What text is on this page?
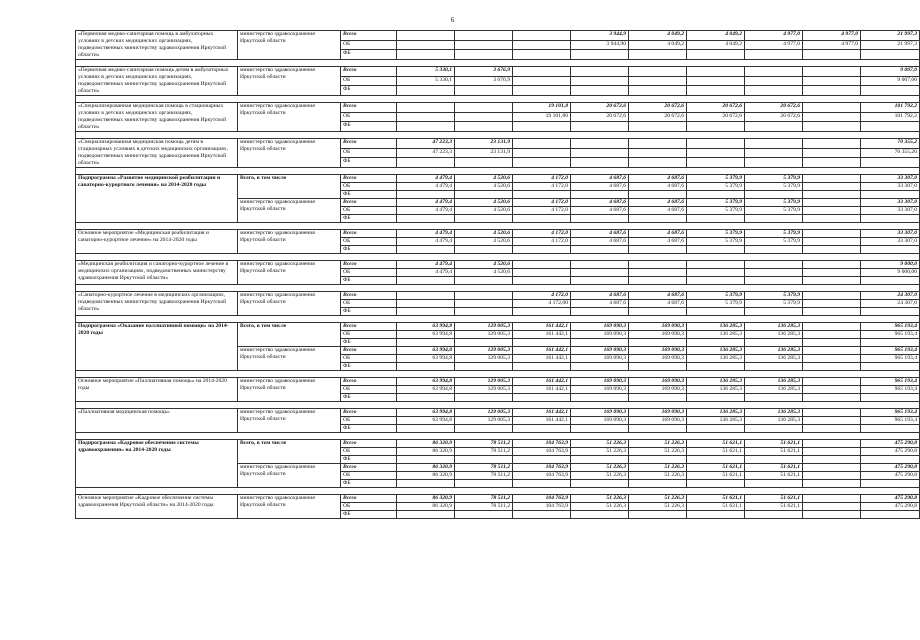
6
«Первичная медико-санитарная помощь в амбулаторных условиях в детских медицинских организациях, подведомственных министерству здравоохранения Иркутской области»	министерство здравоохранения Иркутской области	Всего				3 944,9	4 049,2	4 049,2	4 977,0	4 977,0	21 997,3
		ОБ				3 944,90	4 049,2	4 049,2	4 977,0	4 977,0	21 997,3
		ФБ									

«Первичная медико-санитарная помощь детям в амбулаторных условиях в детских медицинских организациях, подведомственных министерству здравоохранения Иркутской области»	министерство здравоохранения Иркутской области	Всего	5 330,1	3 676,9							9 007,0
		ОБ	5 330,1	3 676,9							9 007,00
		ФБ									

«Специализированная медицинская помощь в стационарных условиях в детских медицинских организациях, подведомственных министерству здравоохранения Иркутской области»	министерство здравоохранения Иркутской области	Всего			19 101,8	20 672,6	20 672,6	20 672,6	20 672,6		101 792,2
		ОБ			19 101,80	20 672,6	20 672,6	20 672,6	20 672,6		101 792,2
		ФБ									

«Специализированная медицинская помощь детям в стационарных условиях в детских медицинских организациях, подведомственных министерству здравоохранения Иркутской области»	министерство здравоохранения Иркутской области	Всего	47 223,3	23 131,9							70 355,2
		ОБ	47 223,3	23 131,9							70 355,20
		ФБ									

Подпрограмма «Развитие медицинской реабилитации и санаторно-курортного лечения» на 2014-2020 годы	Всего, в том числе	Всего	4 479,4	4 520,6	4 172,0	4 687,6	4 687,6	5 379,9	5 379,9		33 307,0
		ОБ	4 479,4	4 520,6	4 172,0	4 687,6	4 687,6	5 379,9	5 379,9		33 307,0
		ФБ									
	министерство здравоохранения Иркутской области	Всего	4 479,4	4 520,6	4 172,0	4 687,6	4 687,6	5 379,9	5 379,9		33 307,0
		ОБ	4 479,4	4 520,6	4 172,0	4 687,6	4 687,6	5 379,9	5 379,9		33 307,0
		ФБ									

Основное мероприятие «Медицинская реабилитация и санаторно-курортное лечение» на 2014-2020 годы	министерство здравоохранения Иркутской области	Всего	4 479,4	4 520,6	4 172,0	4 687,6	4 687,6	5 379,9	5 379,9		33 307,0
		ОБ	4 479,4	4 520,6	4 172,0	4 687,6	4 687,6	5 379,9	5 379,9		33 307,0
		ФБ									

«Медицинская реабилитация и санаторно-курортное лечение в медицинских организациях, подведомственных министерству здравоохранения Иркутской области»	министерство здравоохранения Иркутской области	Всего	4 479,4	4 520,6							9 000,0
		ОБ	4 479,4	4 520,6							9 000,00
		ФБ									

«Санаторно-курортное лечение в медицинских организациях, подведомственных министерству здравоохранения Иркутской области»	министерство здравоохранения Иркутской области	Всего			4 172,0	4 687,6	4 687,6	5 379,9	5 379,9		24 307,0
		ОБ			4 172,00	4 687,6	4 687,6	5 379,9	5 379,9		24 307,0
		ФБ									

Подпрограмма «Оказание паллиативной помощи» на 2014-2020 годы	Всего, в том числе	Всего	63 994,8	129 005,3	161 442,1	169 090,3	169 090,3	136 285,3	136 285,3		965 193,4
		ОБ	63 994,8	129 005,3	161 442,1	169 090,3	169 090,3	136 285,3	136 285,3		965 193,4
		ФБ									
	министерство здравоохранения Иркутской области	Всего	63 994,8	129 005,3	161 442,1	169 090,3	169 090,3	136 285,3	136 285,3		965 193,4
		ОБ	63 994,8	129 005,3	161 442,1	169 090,3	169 090,3	136 285,3	136 285,3		965 193,4
		ФБ									

Основное мероприятие «Паллиативная помощь» на 2014-2020 годы	министерство здравоохранения Иркутской области	Всего	63 994,8	129 005,3	161 442,1	169 090,3	169 090,3	136 285,3	136 285,3		965 193,4
		ОБ	63 994,8	129 005,3	161 442,1	169 090,3	169 090,3	136 285,3	136 285,3		965 193,4
		ФБ									

«Паллиативная медицинская помощь»	министерство здравоохранения Иркутской области	Всего	63 994,8	129 005,3	161 442,1	169 090,3	169 090,3	136 285,3	136 285,3		965 193,4
		ОБ	63 994,8	129 005,3	161 442,1	169 090,3	169 090,3	136 285,3	136 285,3		965 193,4
		ФБ									

Подпрограмма «Кадровое обеспечение системы здравоохранения» на 2014-2020 годы	Всего, в том числе	Всего	86 320,9	78 511,2	104 763,9	51 226,3	51 226,3	51 621,1	51 621,1		475 290,8
		ОБ	86 320,9	78 511,2	104 763,9	51 226,3	51 226,3	51 621,1	51 621,1		475 290,8
		ФБ									
	министерство здравоохранения Иркутской области	Всего	86 320,9	78 511,2	104 763,9	51 226,3	51 226,3	51 621,1	51 621,1		475 290,8
		ОБ	86 320,9	78 511,2	104 763,9	51 226,3	51 226,3	51 621,1	51 621,1		475 290,8
		ФБ									

Основное мероприятие «Кадровое обеспечение системы здравоохранения Иркутской области» на 2014-2020 годы	министерство здравоохранения Иркутской области	Всего	86 320,9	78 511,2	104 763,9	51 226,3	51 226,3	51 621,1	51 621,1		475 290,8
		ОБ	86 320,9	78 511,2	104 763,9	51 226,3	51 226,3	51 621,1	51 621,1		475 290,8
		ФБ									
